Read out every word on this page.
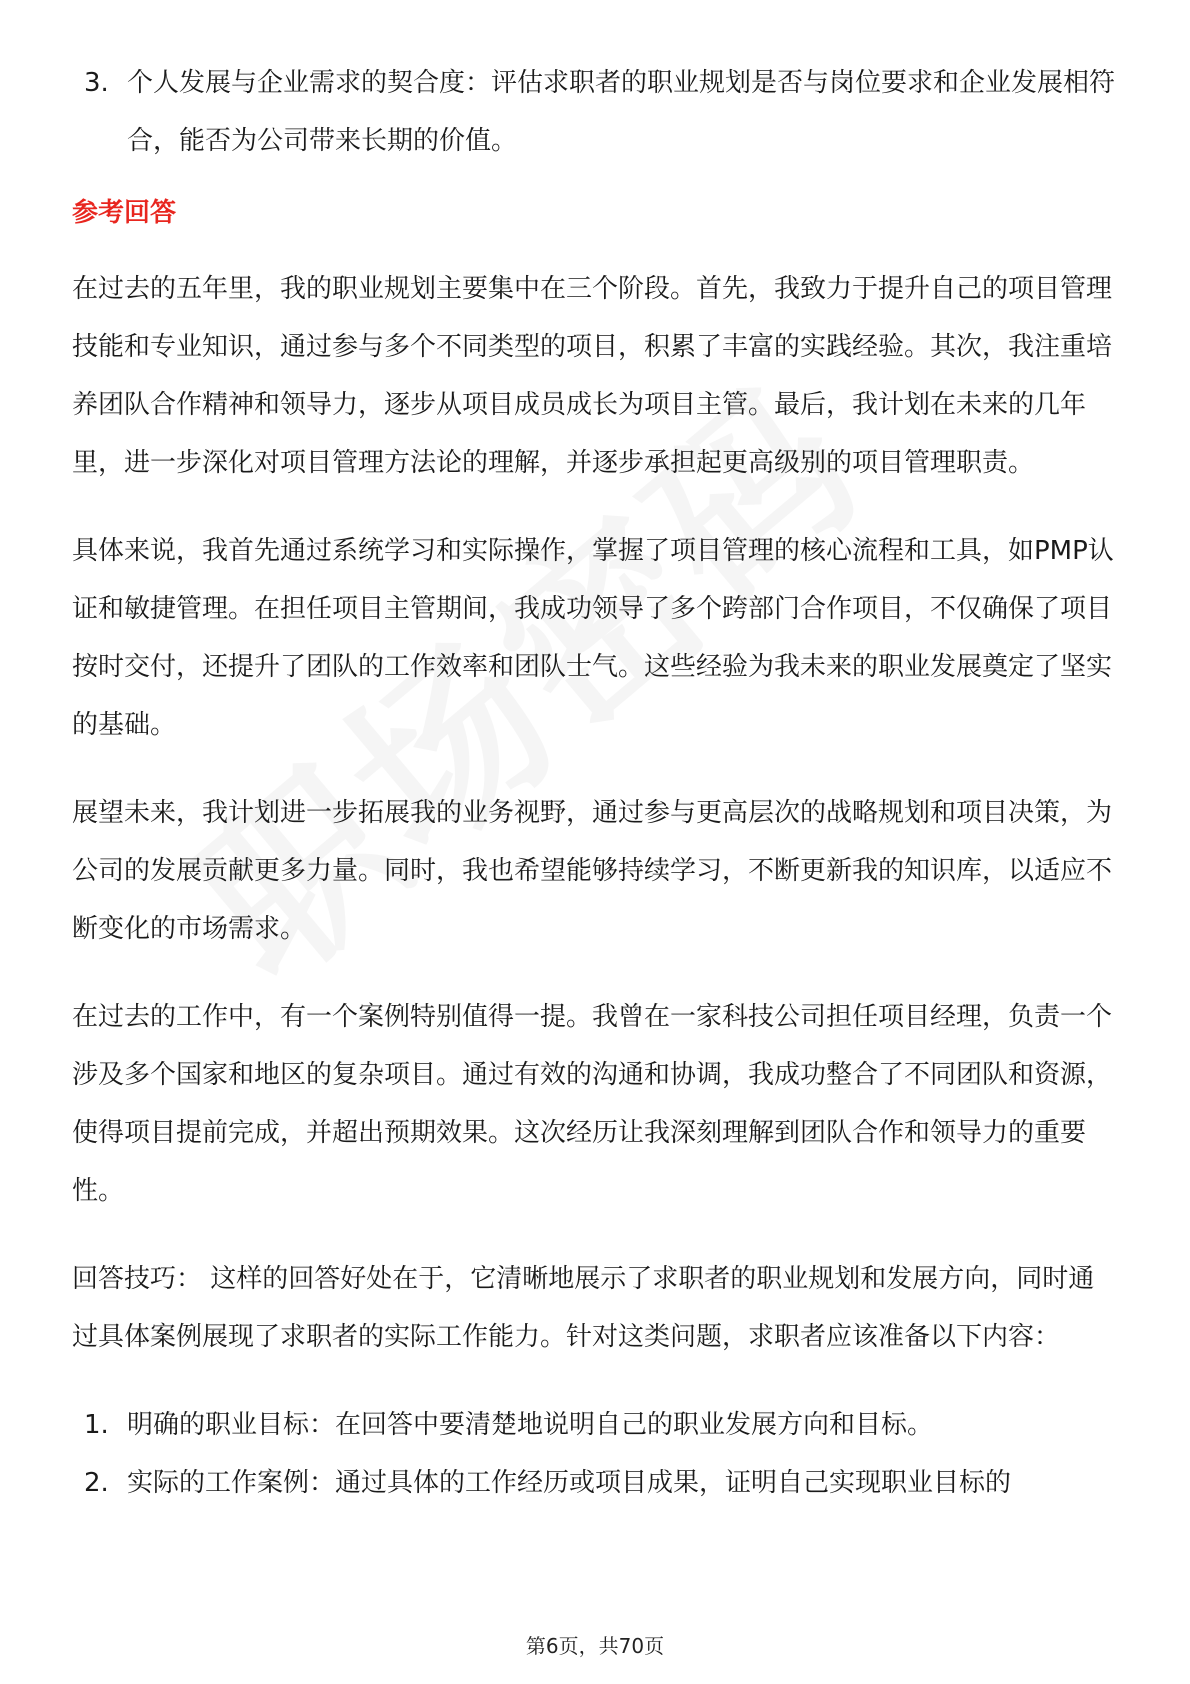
3. 个人发展与企业需求的契合度：评估求职者的职业规划是否与岗位要求和企业发展相符合，能否为公司带来长期的价值。
参考回答

在过去的五年里，我的职业规划主要集中在三个阶段。首先，我致力于提升自己的项目管理技能和专业知识，通过参与多个不同类型的项目，积累了丰富的实践经验。其次，我注重培养团队合作精神和领导力，逐步从项目成员成长为项目主管。最后，我计划在未来的几年里，进一步深化对项目管理方法论的理解，并逐步承担起更高级别的项目管理职责。

具体来说，我首先通过系统学习和实际操作，掌握了项目管理的核心流程和工具，如PMP认证和敏捷管理。在担任项目主管期间，我成功领导了多个跨部门合作项目，不仅确保了项目按时交付，还提升了团队的工作效率和团队士气。这些经验为我未来的职业发展奠定了坚实的基础。

展望未来，我计划进一步拓展我的业务视野，通过参与更高层次的战略规划和项目决策，为公司的发展贡献更多力量。同时，我也希望能够持续学习，不断更新我的知识库，以适应不断变化的市场需求。

在过去的工作中，有一个案例特别值得一提。我曾在一家科技公司担任项目经理，负责一个涉及多个国家和地区的复杂项目。通过有效的沟通和协调，我成功整合了不同团队和资源，使得项目提前完成，并超出预期效果。这次经历让我深刻理解到团队合作和领导力的重要性。

回答技巧： 这样的回答好处在于，它清晰地展示了求职者的职业规划和发展方向，同时通过具体案例展现了求职者的实际工作能力。针对这类问题，求职者应该准备以下内容：

1. 明确的职业目标：在回答中要清楚地说明自己的职业发展方向和目标。
2. 实际的工作案例：通过具体的工作经历或项目成果，证明自己实现职业目标的
第6页，共70页
